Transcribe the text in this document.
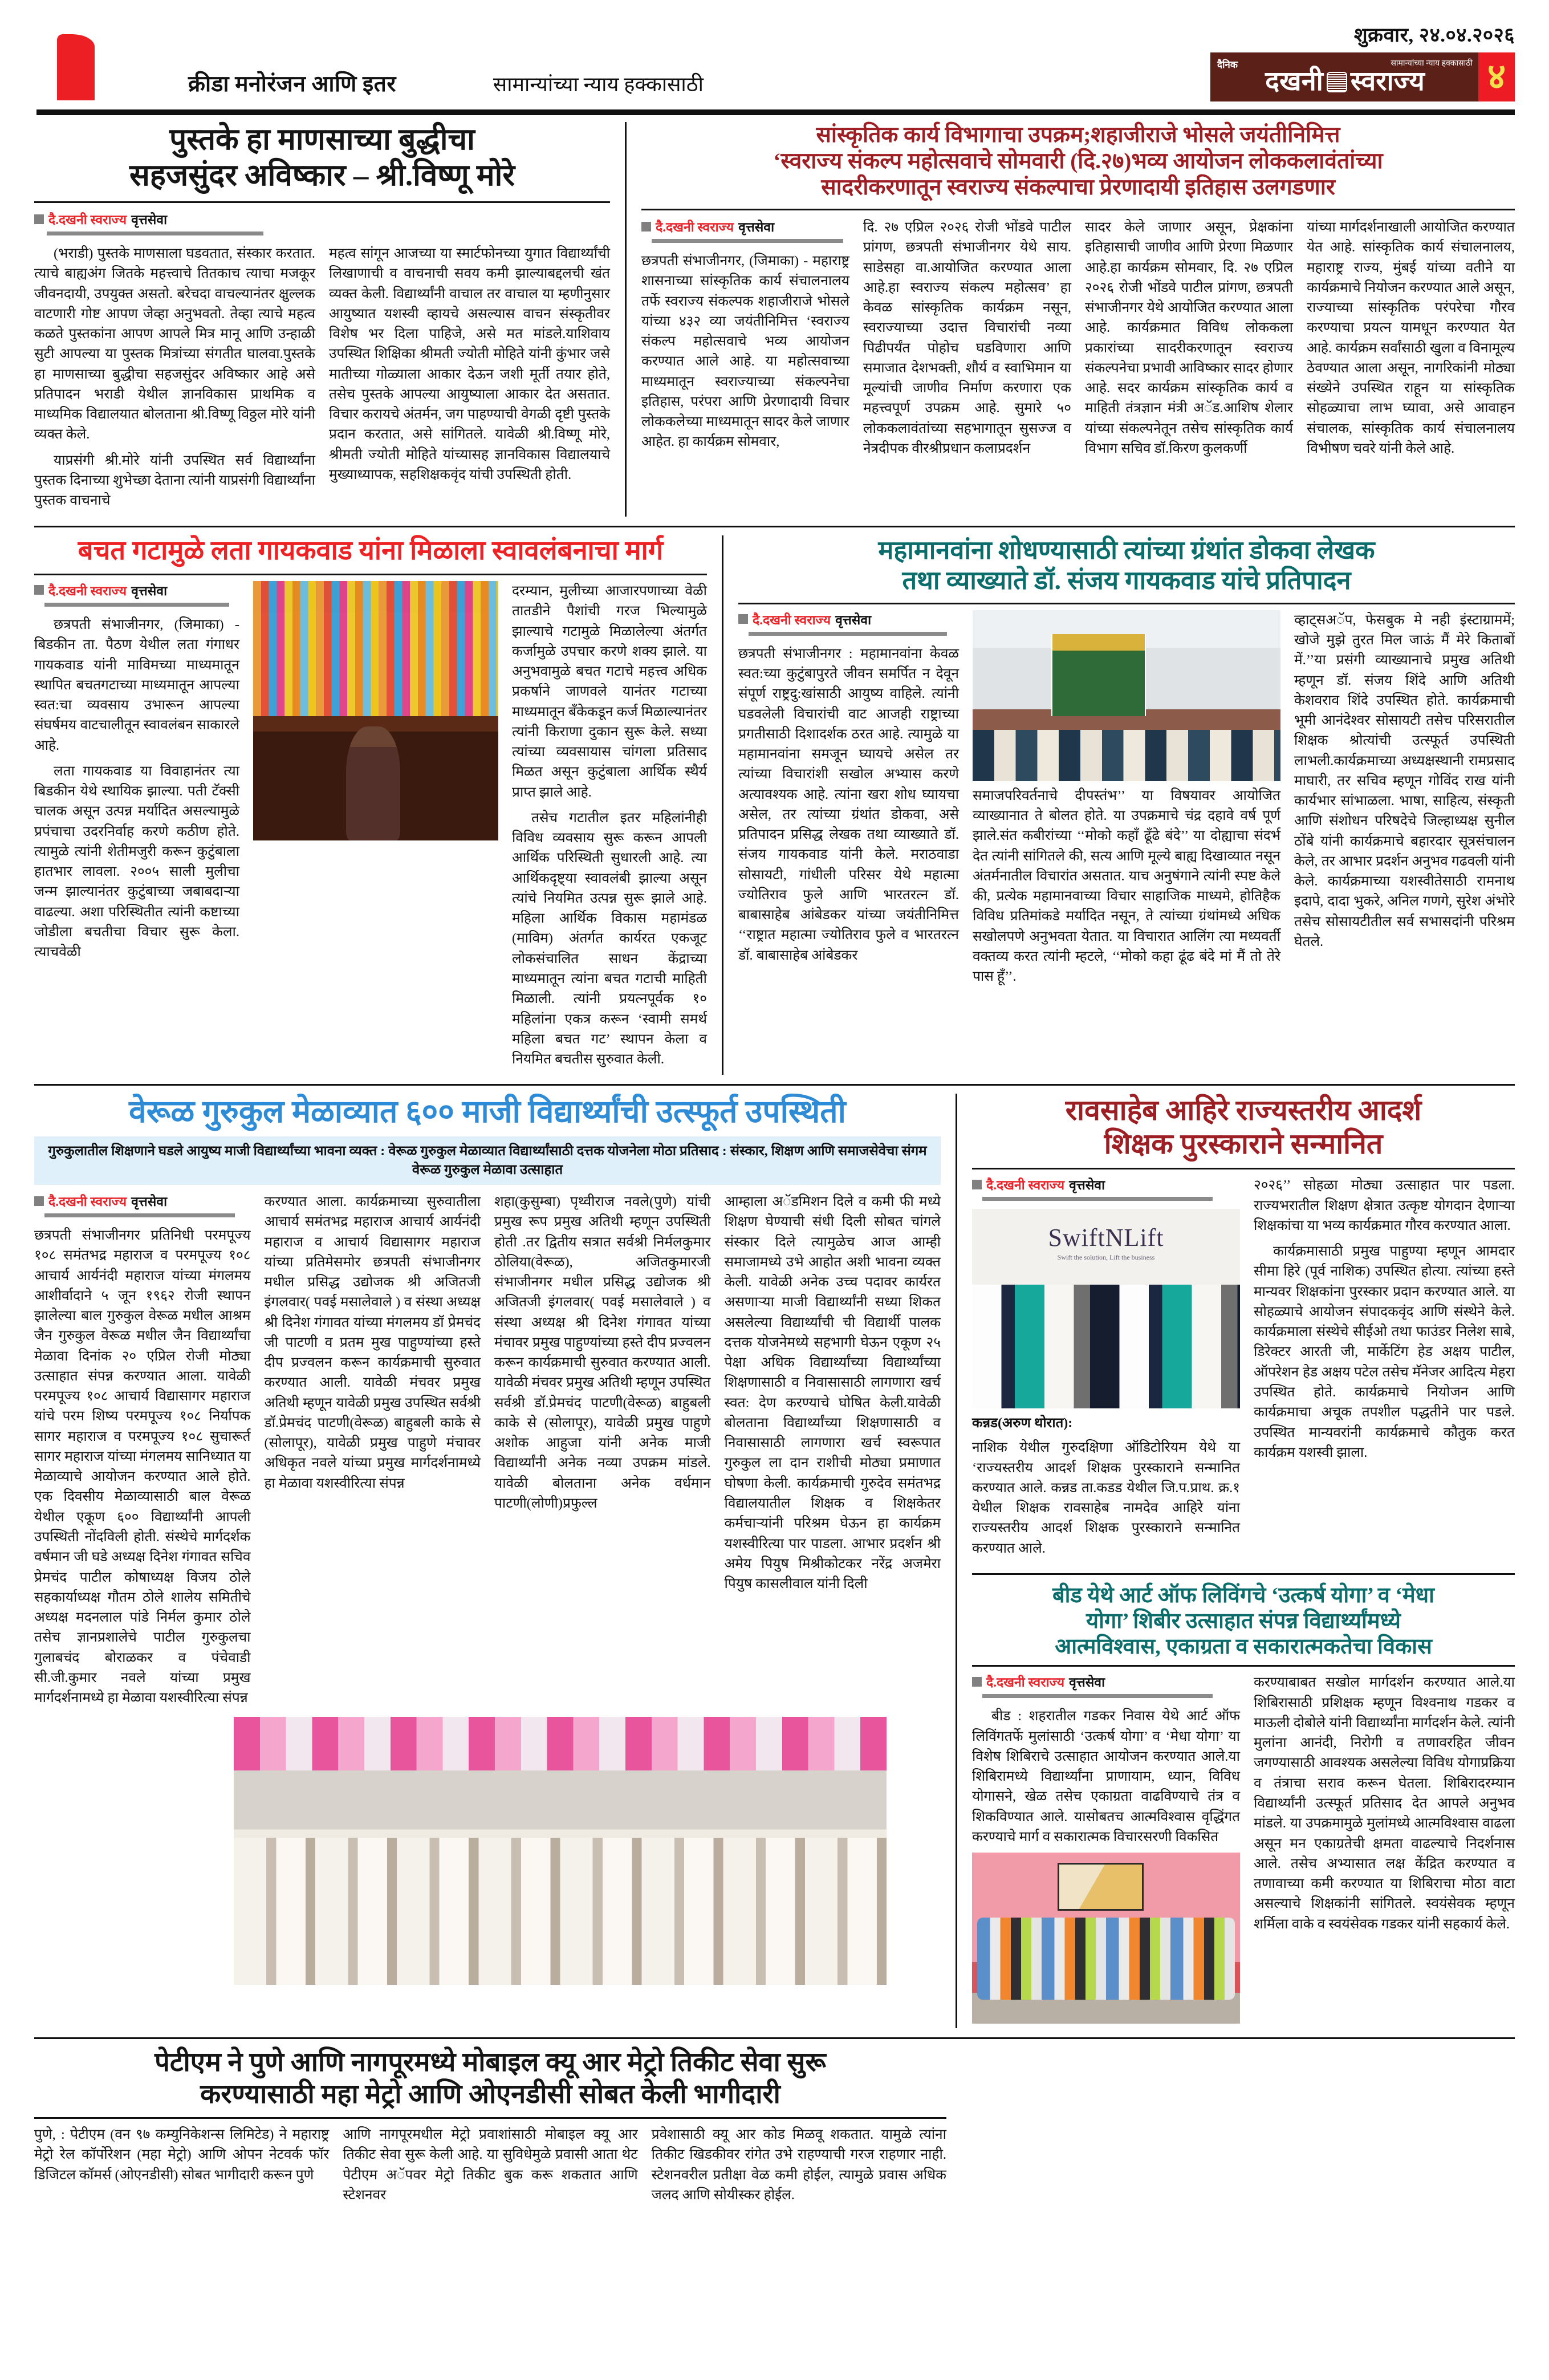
क्रीडा मनोरंजन आणि इतर	सामान्यांच्या न्याय हक्कासाठी
शुक्रवार, २४.०४.२०२६
दैनिक	सामान्यांच्या न्याय हक्कासाठी
दखनी स्वराज्य ४
पुस्तके हा माणसाच्या बुद्धीचा
सहजसुंदर अविष्कार – श्री.विष्णू मोरे
दै.दखनी स्वराज्य वृत्तसेवा

(भराडी) पुस्तके माणसाला घडवतात, संस्कार करतात. त्याचे बाह्यअंग जितके महत्त्वाचे तितकाच त्याचा मजकूर जीवनदायी, उपयुक्त असतो. बरेचदा वाचल्यानंतर क्षुल्लक वाटणारी गोष्ट आपण जेव्हा अनुभवतो. तेव्हा त्याचे महत्व कळते पुस्तकांना आपण आपले मित्र मानू आणि उन्हाळी सुटी आपल्या या पुस्तक मित्रांच्या संगतीत घालवा.पुस्तके हा माणसाच्या बुद्धीचा सहजसुंदर अविष्कार आहे असे प्रतिपादन भराडी येथील ज्ञानविकास प्राथमिक व माध्यमिक विद्यालयात बोलताना श्री.विष्णू विठ्ठल मोरे यांनी व्यक्त केले.

याप्रसंगी श्री.मोरे यांनी उपस्थित सर्व विद्यार्थ्यांना पुस्तक दिनाच्या शुभेच्छा देताना त्यांनी याप्रसंगी विद्यार्थ्यांना पुस्तक वाचनाचे

महत्व सांगून आजच्या या स्मार्टफोनच्या युगात विद्यार्थ्यांची लिखाणाची व वाचनाची सवय कमी झाल्याबद्दलची खंत व्यक्त केली. विद्यार्थ्यांनी वाचाल तर वाचाल या म्हणीनुसार आयुष्यात यशस्वी व्हायचे असल्यास वाचन संस्कृतीवर विशेष भर दिला पाहिजे, असे मत मांडले.याशिवाय उपस्थित शिक्षिका श्रीमती ज्योती मोहिते यांनी कुंभार जसे मातीच्या गोळ्याला आकार देऊन जशी मूर्ती तयार होते, तसेच पुस्तके आपल्या आयुष्याला आकार देत असतात. विचार करायचे अंतर्मन, जग पाहण्याची वेगळी दृष्टी पुस्तके प्रदान करतात, असे सांगितले. यावेळी श्री.विष्णू मोरे, श्रीमती ज्योती मोहिते यांच्यासह ज्ञानविकास विद्यालयाचे मुख्याध्यापक, सहशिक्षकवृंद यांची उपस्थिती होती.

सांस्कृतिक कार्य विभागाचा उपक्रम;शहाजीराजे भोसले जयंतीनिमित्त
‘स्वराज्य संकल्प महोत्सवाचे सोमवारी (दि.२७)भव्य आयोजन लोककलावंतांच्या
सादरीकरणातून स्वराज्य संकल्पाचा प्रेरणादायी इतिहास उलगडणार
दै.दखनी स्वराज्य वृत्तसेवा

छत्रपती संभाजीनगर, (जिमाका) - महाराष्ट्र शासनाच्या सांस्कृतिक कार्य संचालनालय तर्फे स्वराज्य संकल्पक शहाजीराजे भोसले यांच्या ४३२ व्या जयंतीनिमित्त ‘स्वराज्य संकल्प महोत्सवाचे भव्य आयोजन करण्यात आले आहे. या महोत्सवाच्या माध्यमातून स्वराज्याच्या संकल्पनेचा इतिहास, परंपरा आणि प्रेरणादायी विचार लोककलेच्या माध्यमातून सादर केले जाणार आहेत. हा कार्यक्रम सोमवार,

दि. २७ एप्रिल २०२६ रोजी भोंडवे पाटील प्रांगण, छत्रपती संभाजीनगर येथे साय. साडेसहा वा.आयोजित करण्यात आला आहे.हा स्वराज्य संकल्प महोत्सव’ हा केवळ सांस्कृतिक कार्यक्रम नसून, स्वराज्याच्या उदात्त विचारांची नव्या पिढीपर्यंत पोहोच घडविणारा आणि समाजात देशभक्ती, शौर्य व स्वाभिमान या मूल्यांची जाणीव निर्माण करणारा एक महत्त्वपूर्ण उपक्रम आहे. सुमारे ५० लोककलावंतांच्या सहभागातून सुसज्ज व नेत्रदीपक वीरश्रीप्रधान कलाप्रदर्शन

सादर केले जाणार असून, प्रेक्षकांना इतिहासाची जाणीव आणि प्रेरणा मिळणार आहे.हा कार्यक्रम सोमवार, दि. २७ एप्रिल २०२६ रोजी भोंडवे पाटील प्रांगण, छत्रपती संभाजीनगर येथे आयोजित करण्यात आला आहे. कार्यक्रमात विविध लोककला प्रकारांच्या सादरीकरणातून स्वराज्य संकल्पनेचा प्रभावी आविष्कार सादर होणार आहे. सदर कार्यक्रम सांस्कृतिक कार्य व माहिती तंत्रज्ञान मंत्री अॅड.आशिष शेलार यांच्या संकल्पनेतून तसेच सांस्कृतिक कार्य विभाग सचिव डॉ.किरण कुलकर्णी

यांच्या मार्गदर्शनाखाली आयोजित करण्यात येत आहे. सांस्कृतिक कार्य संचालनालय, महाराष्ट्र राज्य, मुंबई यांच्या वतीने या कार्यक्रमाचे नियोजन करण्यात आले असून, राज्याच्या सांस्कृतिक परंपरेचा गौरव करण्याचा प्रयत्न यामधून करण्यात येत आहे. कार्यक्रम सर्वांसाठी खुला व विनामूल्य ठेवण्यात आला असून, नागरिकांनी मोठ्या संख्येने उपस्थित राहून या सांस्कृतिक सोहळ्याचा लाभ घ्यावा, असे आवाहन संचालक, सांस्कृतिक कार्य संचालनालय विभीषण चवरे यांनी केले आहे.

बचत गटामुळे लता गायकवाड यांना मिळाला स्वावलंबनाचा मार्ग
दै.दखनी स्वराज्य वृत्तसेवा

छत्रपती संभाजीनगर, (जिमाका) - बिडकीन ता. पैठण येथील लता गंगाधर गायकवाड यांनी माविमच्या माध्यमातून स्थापित बचतगटाच्या माध्यमातून आपल्या स्वत:चा व्यवसाय उभारून आपल्या संघर्षमय वाटचालीतून स्वावलंबन साकारले आहे.

लता गायकवाड या विवाहानंतर त्या बिडकीन येथे स्थायिक झाल्या. पती टॅक्सी चालक असून उत्पन्न मर्यादित असल्यामुळे प्रपंचाचा उदरनिर्वाह करणे कठीण होते. त्यामुळे त्यांनी शेतीमजुरी करून कुटुंबाला हातभार लावला. २००५ साली मुलीचा जन्म झाल्यानंतर कुटुंबाच्या जबाबदाऱ्या वाढल्या. अशा परिस्थितीत त्यांनी कष्टाच्या जोडीला बचतीचा विचार सुरू केला. त्याचवेळी

दरम्यान, मुलीच्या आजारपणाच्या वेळी तातडीने पैशांची गरज भिल्यामुळे झाल्याचे गटामुळे मिळालेल्या अंतर्गत कर्जामुळे उपचार करणे शक्य झाले. या अनुभवामुळे बचत गटाचे महत्त्व अधिक प्रकर्षाने जाणवले यानंतर गटाच्या माध्यमातून बँकेकडून कर्ज मिळाल्यानंतर त्यांनी किराणा दुकान सुरू केले. सध्या त्यांच्या व्यवसायास चांगला प्रतिसाद मिळत असून कुटुंबाला आर्थिक स्थैर्य प्राप्त झाले आहे.

तसेच गटातील इतर महिलांनीही विविध व्यवसाय सुरू करून आपली आर्थिक परिस्थिती सुधारली आहे. त्या आर्थिकदृष्ट्या स्वावलंबी झाल्या असून त्यांचे नियमित उत्पन्न सुरू झाले आहे. महिला आर्थिक विकास महामंडळ (माविम) अंतर्गत कार्यरत एकजूट लोकसंचालित साधन केंद्राच्या माध्यमातून त्यांना बचत गटाची माहिती मिळाली. त्यांनी प्रयत्नपूर्वक १० महिलांना एकत्र करून ‘स्वामी समर्थ महिला बचत गट’ स्थापन केला व नियमित बचतीस सुरुवात केली.

महामानवांना शोधण्यासाठी त्यांच्या ग्रंथांत डोकवा लेखक
तथा व्याख्याते डॉ. संजय गायकवाड यांचे प्रतिपादन
दै.दखनी स्वराज्य वृत्तसेवा

छत्रपती संभाजीनगर : महामानवांना केवळ स्वत:च्या कुटुंबापुरते जीवन समर्पित न देवून संपूर्ण राष्ट्रदु:खांसाठी आयुष्य वाहिले. त्यांनी घडवलेली विचारांची वाट आजही राष्ट्राच्या प्रगतीसाठी दिशादर्शक ठरत आहे. त्यामुळे या महामानवांना समजून घ्यायचे असेल तर त्यांच्या विचारांशी सखोल अभ्यास करणे अत्यावश्यक आहे. त्यांना खरा शोध घ्यायचा असेल, तर त्यांच्या ग्रंथांत डोकवा, असे प्रतिपादन प्रसिद्ध लेखक तथा व्याख्याते डॉ. संजय गायकवाड यांनी केले. मराठवाडा सोसायटी, गांधीली परिसर येथे महात्मा ज्योतिराव फुले आणि भारतरत्न डॉ. बाबासाहेब आंबेडकर यांच्या जयंतीनिमित्त ‘‘राष्ट्रात महात्मा ज्योतिराव फुले व भारतरत्न डॉ. बाबासाहेब आंबेडकर

समाजपरिवर्तनाचे दीपस्तंभ’’ या विषयावर आयोजित व्याख्यानात ते बोलत होते. या उपक्रमाचे चंद्र दहावे वर्ष पूर्ण झाले.संत कबीरांच्या ‘‘मोको कहाँ ढूँढे बंदे’’ या दोह्याचा संदर्भ देत त्यांनी सांगितले की, सत्य आणि मूल्ये बाह्य दिखाव्यात नसून अंतर्मनातील विचारांत असतात. याच अनुषंगाने त्यांनी स्पष्ट केले की, प्रत्येक महामानवाच्या विचार साहाजिक माध्यमे, होतिहैक विविध प्रतिमांकडे मर्यादित नसून, ते त्यांच्या ग्रंथांमध्ये अधिक सखोलपणे अनुभवता येतात. या विचारात आलिंग त्या मध्यवर्ती वक्तव्य करत त्यांनी म्हटले, ‘‘मोको कहा ढूंढ बंदे मां मैं तो तेरे पास हूँ’’.

व्हाट्सअॅप, फेसबुक मे नही इंस्टाग्राममें; खोजे मुझे तुरत मिल जाऊं मैं मेरे किताबों में.’’या प्रसंगी व्याख्यानाचे प्रमुख अतिथी म्हणून डॉ. संजय शिंदे आणि अतिथी केशवराव शिंदे उपस्थित होते. कार्यक्रमाची भूमी आनंदेश्वर सोसायटी तसेच परिसरातील शिक्षक श्रोत्यांची उत्स्फूर्त उपस्थिती लाभली.कार्यक्रमाच्या अध्यक्षस्थानी रामप्रसाद माघारी, तर सचिव म्हणून गोविंद राख यांनी कार्यभार सांभाळला. भाषा, साहित्य, संस्कृती आणि संशोधन परिषदेचे जिल्हाध्यक्ष सुनील ठोंबे यांनी कार्यक्रमाचे बहारदार सूत्रसंचालन केले, तर आभार प्रदर्शन अनुभव गढवली यांनी केले. कार्यक्रमाच्या यशस्वीतेसाठी रामनाथ इदापे, दादा भुकरे, अनिल गणगे, सुरेश अंभोरे तसेच सोसायटीतील सर्व सभासदांनी परिश्रम घेतले.

वेरूळ गुरुकुल मेळाव्यात ६०० माजी विद्यार्थ्यांची उत्स्फूर्त उपस्थिती

गुरुकुलातील शिक्षणाने घडले आयुष्य माजी विद्यार्थ्यांच्या भावना व्यक्त : वेरूळ गुरुकुल मेळाव्यात विद्यार्थ्यांसाठी दत्तक योजनेला मोठा प्रतिसाद : संस्कार, शिक्षण आणि समाजसेवेचा संगम वेरूळ गुरुकुल मेळावा उत्साहात

दै.दखनी स्वराज्य वृत्तसेवा

छत्रपती संभाजीनगर प्रतिनिधी परमपूज्य १०८ समंतभद्र महाराज व परमपूज्य १०८ आचार्य आर्यनंदी महाराज यांच्या मंगलमय आशीर्वादाने ५ जून १९६२ रोजी स्थापन झालेल्या बाल गुरुकुल वेरूळ मधील आश्रम जैन गुरुकुल वेरूळ मधील जैन विद्यार्थ्यांचा मेळावा दिनांक २० एप्रिल रोजी मोठ्या उत्साहात संपन्न करण्यात आला. यावेळी परमपूज्य १०८ आचार्य विद्यासागर महाराज यांचे परम शिष्य परमपूज्य १०८ निर्यापक सागर महाराज व परमपूज्य १०८ सुचारूर्त सागर महाराज यांच्या मंगलमय सानिध्यात या मेळाव्याचे आयोजन करण्यात आले होते. एक दिवसीय मेळाव्यासाठी बाल वेरूळ येथील एकूण ६०० विद्यार्थ्यांनी आपली उपस्थिती नोंदविली होती. संस्थेचे मार्गदर्शक वर्षमान जी घडे अध्यक्ष दिनेश गंगावत सचिव प्रेमचंद पाटील कोषाध्यक्ष विजय ठोले सहकार्याध्यक्ष गौतम ठोले शालेय समितीचे अध्यक्ष मदनलाल पांडे निर्मल कुमार ठोले तसेच ज्ञानप्रशालेचे पाटील गुरुकुलचा गुलाबचंद बोराळकर व पंचेवाडी सी.जी.कुमार नवले यांच्या प्रमुख मार्गदर्शनामध्ये हा मेळावा यशस्वीरित्या संपन्न

करण्यात आला. कार्यक्रमाच्या सुरुवातीला आचार्य समंतभद्र महाराज आचार्य आर्यनंदी महाराज व आचार्य विद्यासागर महाराज यांच्या प्रतिमेसमोर छत्रपती संभाजीनगर मधील प्रसिद्ध उद्योजक श्री अजितजी इंगलवार( पवई मसालेवाले ) व संस्था अध्यक्ष श्री दिनेश गंगावत यांच्या मंगलमय डॉ प्रेमचंद जी पाटणी व प्रतम मुख पाहुण्यांच्या हस्ते दीप प्रज्वलन करून कार्यक्रमाची सुरुवात करण्यात आली. यावेळी मंचवर प्रमुख अतिथी म्हणून यावेळी प्रमुख उपस्थित सर्वश्री डॉ.प्रेमचंद पाटणी(वेरूळ) बाहुबली काके से (सोलापूर), यावेळी प्रमुख पाहुणे मंचावर अधिकृत नवले यांच्या प्रमुख मार्गदर्शनामध्ये हा मेळावा यशस्वीरित्या संपन्न

शहा(कुसुम्बा) पृथ्वीराज नवले(पुणे) यांची प्रमुख रूप प्रमुख अतिथी म्हणून उपस्थिती होती .तर द्वितीय सत्रात सर्वश्री निर्मलकुमार ठोलिया(वेरूळ), अजितकुमारजी संभाजीनगर मधील प्रसिद्ध उद्योजक श्री अजितजी इंगलवार( पवई मसालेवाले ) व संस्था अध्यक्ष श्री दिनेश गंगावत यांच्या मंचावर प्रमुख पाहुण्यांच्या हस्ते दीप प्रज्वलन करून कार्यक्रमाची सुरुवात करण्यात आली. यावेळी मंचवर प्रमुख अतिथी म्हणून उपस्थित सर्वश्री डॉ.प्रेमचंद पाटणी(वेरूळ) बाहुबली काके से (सोलापूर), यावेळी प्रमुख पाहुणे अशोक आहुजा यांनी अनेक माजी विद्यार्थ्यांनी अनेक नव्या उपक्रम मांडले. यावेळी बोलताना अनेक वर्धमान पाटणी(लोणी)प्रफुल्ल

आम्हाला अॅडमिशन दिले व कमी फी मध्ये शिक्षण घेण्याची संधी दिली सोबत चांगले संस्कार दिले त्यामुळेच आज आम्ही समाजामध्ये उभे आहोत अशी भावना व्यक्त केली. यावेळी अनेक उच्च पदावर कार्यरत असणाऱ्या माजी विद्यार्थ्यांनी सध्या शिकत असलेल्या विद्यार्थ्यांची ची विद्यार्थी पालक दत्तक योजनेमध्ये सहभागी घेऊन एकूण २५ पेक्षा अधिक विद्यार्थ्यांच्या विद्यार्थ्यांच्या शिक्षणासाठी व निवासासाठी लागणारा खर्च स्वत: देण करण्याचे घोषित केली.यावेळी बोलताना विद्यार्थ्यांच्या शिक्षणासाठी व निवासासाठी लागणारा खर्च स्वरूपात गुरुकुल ला दान राशीची मोठ्या प्रमाणात घोषणा केली. कार्यक्रमाची गुरुदेव समंतभद्र विद्यालयातील शिक्षक व शिक्षकेतर कर्मचाऱ्यांनी परिश्रम घेऊन हा कार्यक्रम यशस्वीरित्या पार पाडला. आभार प्रदर्शन श्री अमेय पियुष मिश्रीकोटकर नरेंद्र अजमेरा पियुष कासलीवाल यांनी दिली

रावसाहेब आहिरे राज्यस्तरीय आदर्श
शिक्षक पुरस्काराने सन्मानित
दै.दखनी स्वराज्य वृत्तसेवा
SwiftNLift
Swift the solution, Lift the business
कन्नड(अरुण थोरात):

नाशिक येथील गुरुदक्षिणा ऑडिटोरियम येथे या ‘राज्यस्तरीय आदर्श शिक्षक पुरस्काराने सन्मानित करण्यात आले. कन्नड ता.कडड येथील जि.प.प्राथ. क्र.१ येथील शिक्षक रावसाहेब नामदेव आहिरे यांना राज्यस्तरीय आदर्श शिक्षक पुरस्काराने सन्मानित करण्यात आले.

२०२६’’ सोहळा मोठ्या उत्साहात पार पडला. राज्यभरातील शिक्षण क्षेत्रात उत्कृष्ट योगदान देणाऱ्या शिक्षकांचा या भव्य कार्यक्रमात गौरव करण्यात आला.

कार्यक्रमासाठी प्रमुख पाहुण्या म्हणून आमदार सीमा हिरे (पूर्व नाशिक) उपस्थित होत्या. त्यांच्या हस्ते मान्यवर शिक्षकांना पुरस्कार प्रदान करण्यात आले. या सोहळ्याचे आयोजन संपादकवृंद आणि संस्थेने केले. कार्यक्रमाला संस्थेचे सीईओ तथा फाउंडर निलेश साबे, डिरेक्टर आरती जी, मार्केटिंग हेड अक्षय पाटील, ऑपरेशन हेड अक्षय पटेल तसेच मॅनेजर आदित्य मेहरा उपस्थित होते. कार्यक्रमाचे नियोजन आणि कार्यक्रमाचा अचूक तपशील पद्धतीने पार पडले. उपस्थित मान्यवरांनी कार्यक्रमाचे कौतुक करत कार्यक्रम यशस्वी झाला.

बीड येथे आर्ट ऑफ लिविंगचे ‘उत्कर्ष योगा’ व ‘मेधा
योगा’ शिबीर उत्साहात संपन्न विद्यार्थ्यांमध्ये
आत्मविश्वास, एकाग्रता व सकारात्मकतेचा विकास
दै.दखनी स्वराज्य वृत्तसेवा

बीड : शहरातील गडकर निवास येथे आर्ट ऑफ लिविंगतर्फे मुलांसाठी ‘उत्कर्ष योगा’ व ‘मेधा योगा’ या विशेष शिबिराचे उत्साहात आयोजन करण्यात आले.या शिबिरामध्ये विद्यार्थ्यांना प्राणायाम, ध्यान, विविध योगासने, खेळ तसेच एकाग्रता वाढविण्याचे तंत्र व शिकविण्यात आले. यासोबतच आत्मविश्वास वृद्धिंगत करण्याचे मार्ग व सकारात्मक विचारसरणी विकसित

करण्याबाबत सखोल मार्गदर्शन करण्यात आले.या शिबिरासाठी प्रशिक्षक म्हणून विश्वनाथ गडकर व माऊली दोबोले यांनी विद्यार्थ्यांना मार्गदर्शन केले. त्यांनी मुलांना आनंदी, निरोगी व तणावरहित जीवन जगण्यासाठी आवश्यक असलेल्या विविध योगाप्रक्रिया व तंत्राचा सराव करून घेतला. शिबिरादरम्यान विद्यार्थ्यांनी उत्स्फूर्त प्रतिसाद देत आपले अनुभव मांडले. या उपक्रमामुळे मुलांमध्ये आत्मविश्वास वाढला असून मन एकाग्रतेची क्षमता वाढल्याचे निदर्शनास आले. तसेच अभ्यासात लक्ष केंद्रित करण्यात व तणावाच्या कमी करण्यात या शिबिराचा मोठा वाटा असल्याचे शिक्षकांनी सांगितले. स्वयंसेवक म्हणून शर्मिला वाके व स्वयंसेवक गडकर यांनी सहकार्य केले.

पेटीएम ने पुणे आणि नागपूरमध्ये मोबाइल क्यू आर मेट्रो तिकीट सेवा सुरू
करण्यासाठी महा मेट्रो आणि ओएनडीसी सोबत केली भागीदारी

पुणे, : पेटीएम (वन ९७ कम्युनिकेशन्स लिमिटेड) ने महाराष्ट्र मेट्रो रेल कॉर्पोरेशन (महा मेट्रो) आणि ओपन नेटवर्क फॉर डिजिटल कॉमर्स (ओएनडीसी) सोबत भागीदारी करून पुणे

आणि नागपूरमधील मेट्रो प्रवाशांसाठी मोबाइल क्यू आर तिकीट सेवा सुरू केली आहे. या सुविधेमुळे प्रवासी आता थेट पेटीएम अॅपवर मेट्रो तिकीट बुक करू शकतात आणि स्टेशनवर

प्रवेशासाठी क्यू आर कोड मिळवू शकतात. यामुळे त्यांना तिकीट खिडकीवर रांगेत उभे राहण्याची गरज राहणार नाही. स्टेशनवरील प्रतीक्षा वेळ कमी होईल, त्यामुळे प्रवास अधिक जलद आणि सोयीस्कर होईल.
